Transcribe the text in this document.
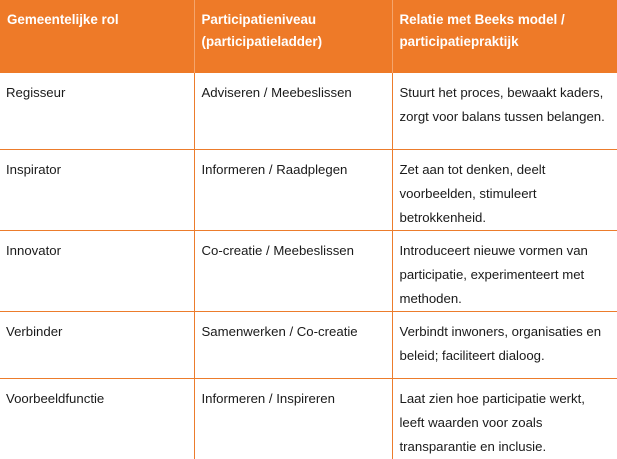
Gemeentelijke rol	Participatieniveau (participatieladder)	Relatie met Beeks model / participatiepraktijk
Regisseur	Adviseren / Meebeslissen	Stuurt het proces, bewaakt kaders, zorgt voor balans tussen belangen.
Inspirator	Informeren / Raadplegen	Zet aan tot denken, deelt voorbeelden, stimuleert betrokkenheid.
Innovator	Co-creatie / Meebeslissen	Introduceert nieuwe vormen van participatie, experimenteert met methoden.
Verbinder	Samenwerken / Co-creatie	Verbindt inwoners, organisaties en beleid; faciliteert dialoog.
Voorbeeldfunctie	Informeren / Inspireren	Laat zien hoe participatie werkt, leeft waarden voor zoals transparantie en inclusie.
